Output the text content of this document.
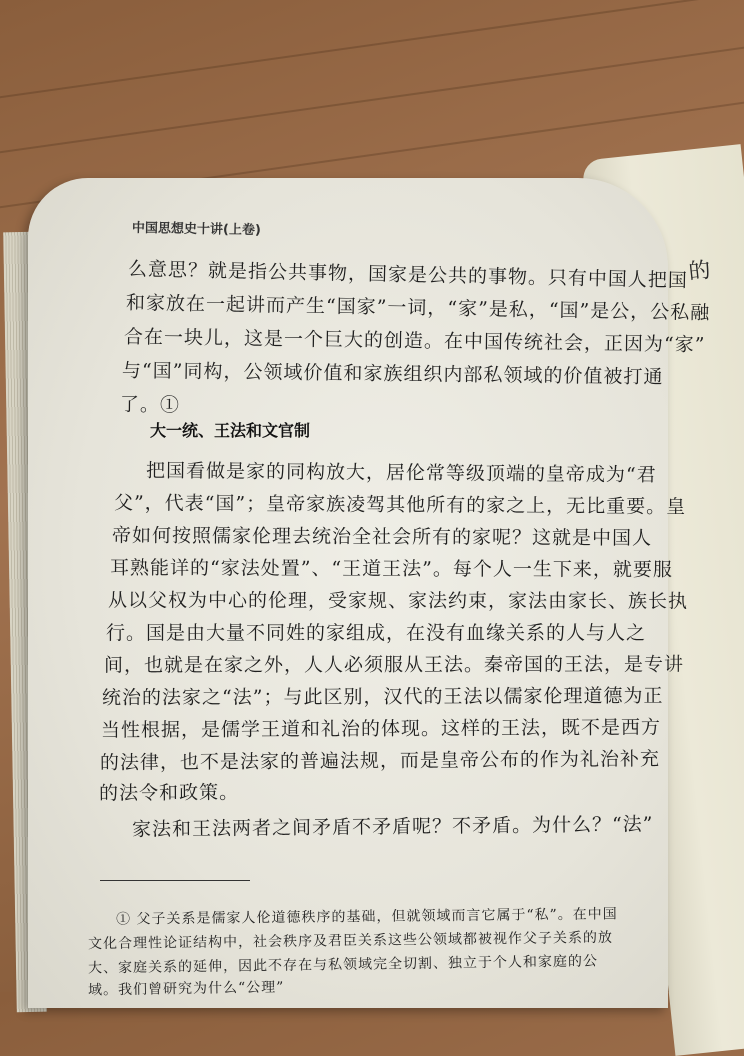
的
中国思想史十讲(上卷)
么意思？就是指公共事物，国家是公共的事物。只有中国人把国
和家放在一起讲而产生“国家”一词，“家”是私，“国”是公，公私融
合在一块儿，这是一个巨大的创造。在中国传统社会，正因为“家”
与“国”同构，公领域价值和家族组织内部私领域的价值被打通
了。①
大一统、王法和文官制
把国看做是家的同构放大，居伦常等级顶端的皇帝成为“君
父”，代表“国”；皇帝家族凌驾其他所有的家之上，无比重要。皇
帝如何按照儒家伦理去统治全社会所有的家呢？这就是中国人
耳熟能详的“家法处置”、“王道王法”。每个人一生下来，就要服
从以父权为中心的伦理，受家规、家法约束，家法由家长、族长执
行。国是由大量不同姓的家组成，在没有血缘关系的人与人之
间，也就是在家之外，人人必须服从王法。秦帝国的王法，是专讲
统治的法家之“法”；与此区别，汉代的王法以儒家伦理道德为正
当性根据，是儒学王道和礼治的体现。这样的王法，既不是西方
的法律，也不是法家的普遍法规，而是皇帝公布的作为礼治补充
的法令和政策。
家法和王法两者之间矛盾不矛盾呢？不矛盾。为什么？“法”
① 父子关系是儒家人伦道德秩序的基础，但就领域而言它属于“私”。在中国
文化合理性论证结构中，社会秩序及君臣关系这些公领域都被视作父子关系的放
大、家庭关系的延伸，因此不存在与私领域完全切割、独立于个人和家庭的公
域。我们曾研究为什么“公理”
